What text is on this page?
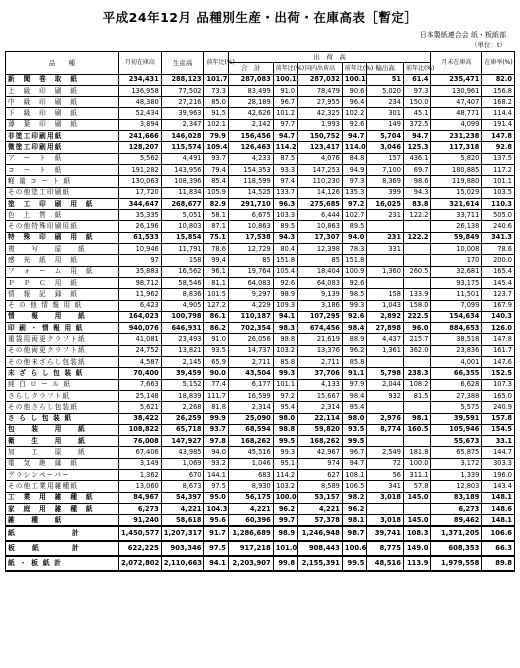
平成24年12月 品種別生産・出荷・在庫高表［暫定］
日本製紙連合会 紙・板紙部
（単位：t）
品　　種	月初在庫高	生産高	前年比(%)	出　荷　高						月末在庫高	在庫率(%)
				合　計	前年比(%)	国内出荷高	前年比(%)	輸出高	前年比(%)		
新　聞　巻　取　紙	234,431	288,123	101.7	287,083	100.1	287,032	100.1	51	61.4	235,471	82.0
上　級　印　刷　紙	136,958	77,502	73.3	83,499	91.0	78,479	90.6	5,020	97.3	130,961	156.8
中　級　印　刷　紙	48,380	27,216	85.0	28,189	96.7	27,955	96.4	234	150.0	47,407	168.2
下　級　印　刷　紙	52,434	39,963	91.5	42,626	101.2	42,325	102.2	301	45.1	48,771	114.4
薄　葉　印　刷　紙	3,894	2,347	102.1	2,142	97.7	1,993	92.6	149	372.5	4,099	191.4
非塗工印刷用紙	241,666	146,028	79.9	156,456	94.7	150,752	94.7	5,704	94.7	231,238	147.8
微塗工印刷用紙	128,207	115,574	109.4	126,463	114.2	123,417	114.0	3,046	125.3	117,318	92.8
ア　ー　ト　紙	5,562	4,491	93.7	4,233	87.5	4,076	84.8	157	436.1	5,820	137.5
コ　ー　ト　紙	191,282	143,956	79.4	154,353	93.3	147,253	94.9	7,100	69.7	180,885	117.2
軽 量 コ ー ト 紙	130,063	108,396	85.4	118,599	97.4	110,230	97.3	8,369	98.6	119,880	101.1
その他塗工印刷紙	17,720	11,834	105.9	14,525	133.7	14,126	135.3	399	94.3	15,029	103.5
塗　工　印　刷　用　紙	344,647	268,677	82.9	291,710	96.3	275,685	97.2	16,025	83.8	321,614	110.3
色　上　質　紙	35,335	5,051	58.1	6,675	103.3	6,444	102.7	231	122.2	33,711	505.0
その他特殊印刷用紙	26,196	10,803	87.1	10,863	89.5	10,863	89.5			26,138	240.6
特　殊　印　刷　用　紙	61,533	15,854	75.1	17,538	94.3	17,307	94.0	231	122.2	59,849	341.3
複　　写　　原　　紙	10,946	11,791	78.6	12,729	80.4	12,398	78.3	331		10,008	78.6
感　光　紙　用　紙	97	158	99.4	85	151.8	85	151.8			170	200.0
フ　ォ　ー　ム　用　紙	35,883	16,562	96.1	19,764	105.4	18,404	100.9	1,360	260.5	32,681	165.4
Ｐ　Ｐ　Ｃ　用　紙	98,712	58,546	81.1	64,083	92.6	64,083	92.6			93,175	145.4
情　報　記　録　紙	11,962	8,836	101.5	9,297	98.9	9,139	98.5	158	133.9	11,501	123.7
そ の 他 情 報 用 紙	6,423	4,905	127.2	4,229	109.3	3,186	99.3	1,043	158.0	7,099	167.9
情　　報　　用　　紙	164,023	100,798	86.1	110,187	94.1	107,295	92.6	2,892	222.5	154,634	140.3
印 刷 ・ 情 報 用 紙	940,076	646,931	86.2	702,354	98.3	674,456	98.4	27,898	96.0	884,653	126.0
重袋用両更クラフト紙	41,081	23,493	91.0	26,056	98.8	21,619	88.9	4,437	215.7	38,518	147.8
その他両更クラフト紙	24,752	13,821	93.5	14,737	103.2	13,376	96.2	1,361	362.0	23,836	161.7
その他未ざらし包装紙	4,587	2,145	65.9	2,711	85.8	2,711	85.8			4,001	147.6
未 ざ ら し 包 装 紙	70,400	39,459	90.0	43,504	99.3	37,706	91.1	5,798	238.3	66,355	152.5
純 白 ロ ー ル 紙	7,663	5,152	77.4	6,177	101.1	4,133	97.9	2,044	108.2	6,628	107.3
さらしクラフト紙	25,148	18,839	111.7	16,599	97.2	15,667	98.4	932	81.5	27,388	165.0
その他さらし包装紙	5,621	2,268	81.8	2,314	95.4	2,314	95.4			5,575	240.9
さ ら し 包 装 紙	38,422	26,259	99.9	25,090	98.0	22,114	98.0	2,976	98.1	39,591	157.8
包　　装　　用　　紙	108,822	65,718	93.7	68,594	98.8	59,820	93.5	8,774	160.5	105,946	154.5
衛　　生　　用　　紙	76,008	147,927	97.8	168,262	99.5	168,262	99.5			55,673	33.1
加　　工　　原　　紙	67,406	43,985	94.0	45,516	99.3	42,967	96.7	2,549	181.8	65,875	144.7
電　気　絶　縁　紙	3,149	1,069	93.2	1,046	95.1	974	94.7	72	100.0	3,172	303.3
グラシンペーパー	1,362	670	144.1	683	114.2	627	108.1	56	311.1	1,339	196.0
その他工業用雑種紙	13,060	8,673	97.5	8,930	103.2	8,589	106.5	341	57.8	12,803	143.4
工　業　用　雑　種　紙	84,967	54,397	95.0	56,175	100.0	53,157	98.2	3,018	145.0	83,189	148.1
家　庭　用　雑　種　紙	6,273	4,221	104.3	4,221	96.2	4,221	96.2			6,273	148.6
雑　　種　　紙	91,240	58,618	95.6	60,396	99.7	57,378	98.1	3,018	145.0	89,462	148.1
紙　　　　　　　計	1,450,577	1,207,317	91.7	1,286,689	98.9	1,246,948	98.7	39,741	108.3	1,371,205	106.6
板　　紙　　　　計	622,225	903,346	97.5	917,218	101.0	908,443	100.6	8,775	149.0	608,353	66.3
紙 ・ 板 紙 計	2,072,802	2,110,663	94.1	2,203,907	99.8	2,155,391	99.5	48,516	113.9	1,979,558	89.8
